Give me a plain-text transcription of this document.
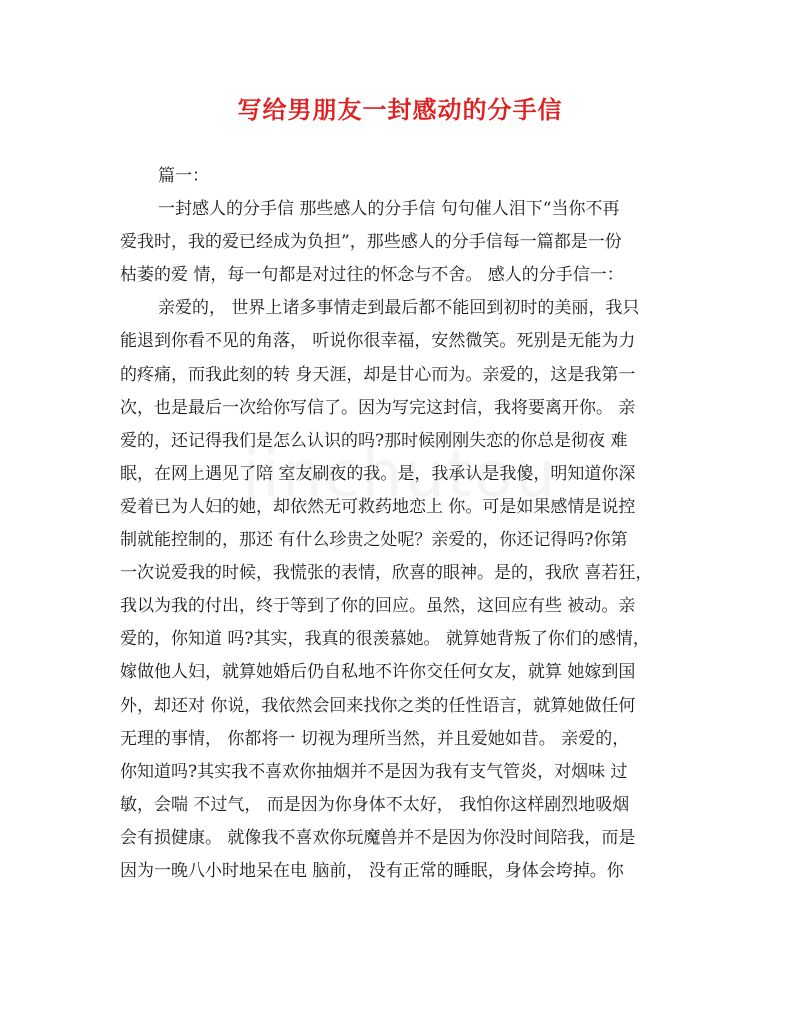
写给男朋友一封感动的分手信
篇一：
一封感人的分手信 那些感人的分手信 句句催人泪下“当你不再
爱我时，我的爱已经成为负担”，那些感人的分手信每一篇都是一份
枯萎的爱 情，每一句都是对过往的怀念与不舍。 感人的分手信一：
亲爱的， 世界上诸多事情走到最后都不能回到初时的美丽，我只
能退到你看不见的角落， 听说你很幸福，安然微笑。死别是无能为力
的疼痛，而我此刻的转 身天涯，却是甘心而为。亲爱的，这是我第一
次，也是最后一次给你写信了。因为写完这封信，我将要离开你。 亲
爱的，还记得我们是怎么认识的吗?那时候刚刚失恋的你总是彻夜 难
眠，在网上遇见了陪 室友刷夜的我。是，我承认是我傻，明知道你深
爱着已为人妇的她，却依然无可救药地恋上 你。可是如果感情是说控
制就能控制的，那还 有什么珍贵之处呢？亲爱的，你还记得吗?你第
一次说爱我的时候，我慌张的表情，欣喜的眼神。是的，我欣 喜若狂，
我以为我的付出，终于等到了你的回应。虽然，这回应有些 被动。亲
爱的，你知道 吗?其实，我真的很羡慕她。 就算她背叛了你们的感情，
嫁做他人妇，就算她婚后仍自私地不许你交任何女友，就算 她嫁到国
外，却还对 你说，我依然会回来找你之类的任性语言，就算她做任何
无理的事情， 你都将一 切视为理所当然，并且爱她如昔。 亲爱的，
你知道吗?其实我不喜欢你抽烟并不是因为我有支气管炎，对烟味 过
敏，会喘 不过气， 而是因为你身体不太好， 我怕你这样剧烈地吸烟
会有损健康。 就像我不喜欢你玩魔兽并不是因为你没时间陪我，而是
因为一晚八小时地呆在电 脑前， 没有正常的睡眠，身体会垮掉。你
